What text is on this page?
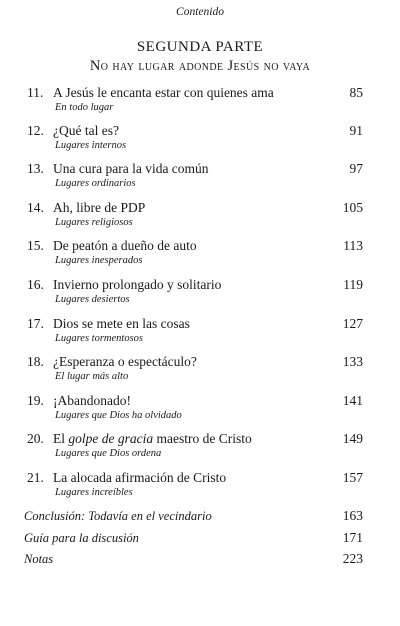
Contenido
SEGUNDA PARTE
No hay lugar adonde Jesús no vaya
11. A Jesús le encanta estar con quienes ama	85
En todo lugar
12. ¿Qué tal es?	91
Lugares internos
13. Una cura para la vida común	97
Lugares ordinarios
14. Ah, libre de PDP	105
Lugares religiosos
15. De peatón a dueño de auto	113
Lugares inesperados
16. Invierno prolongado y solitario	119
Lugares desiertos
17. Dios se mete en las cosas	127
Lugares tormentosos
18. ¿Esperanza o espectáculo?	133
El lugar más alto
19. ¡Abandonado!	141
Lugares que Dios ha olvidado
20. El golpe de gracia maestro de Cristo	149
Lugares que Dios ordena
21. La alocada afirmación de Cristo	157
Lugares increíbles
Conclusión: Todavía en el vecindario	163
Guía para la discusión	171
Notas	223
